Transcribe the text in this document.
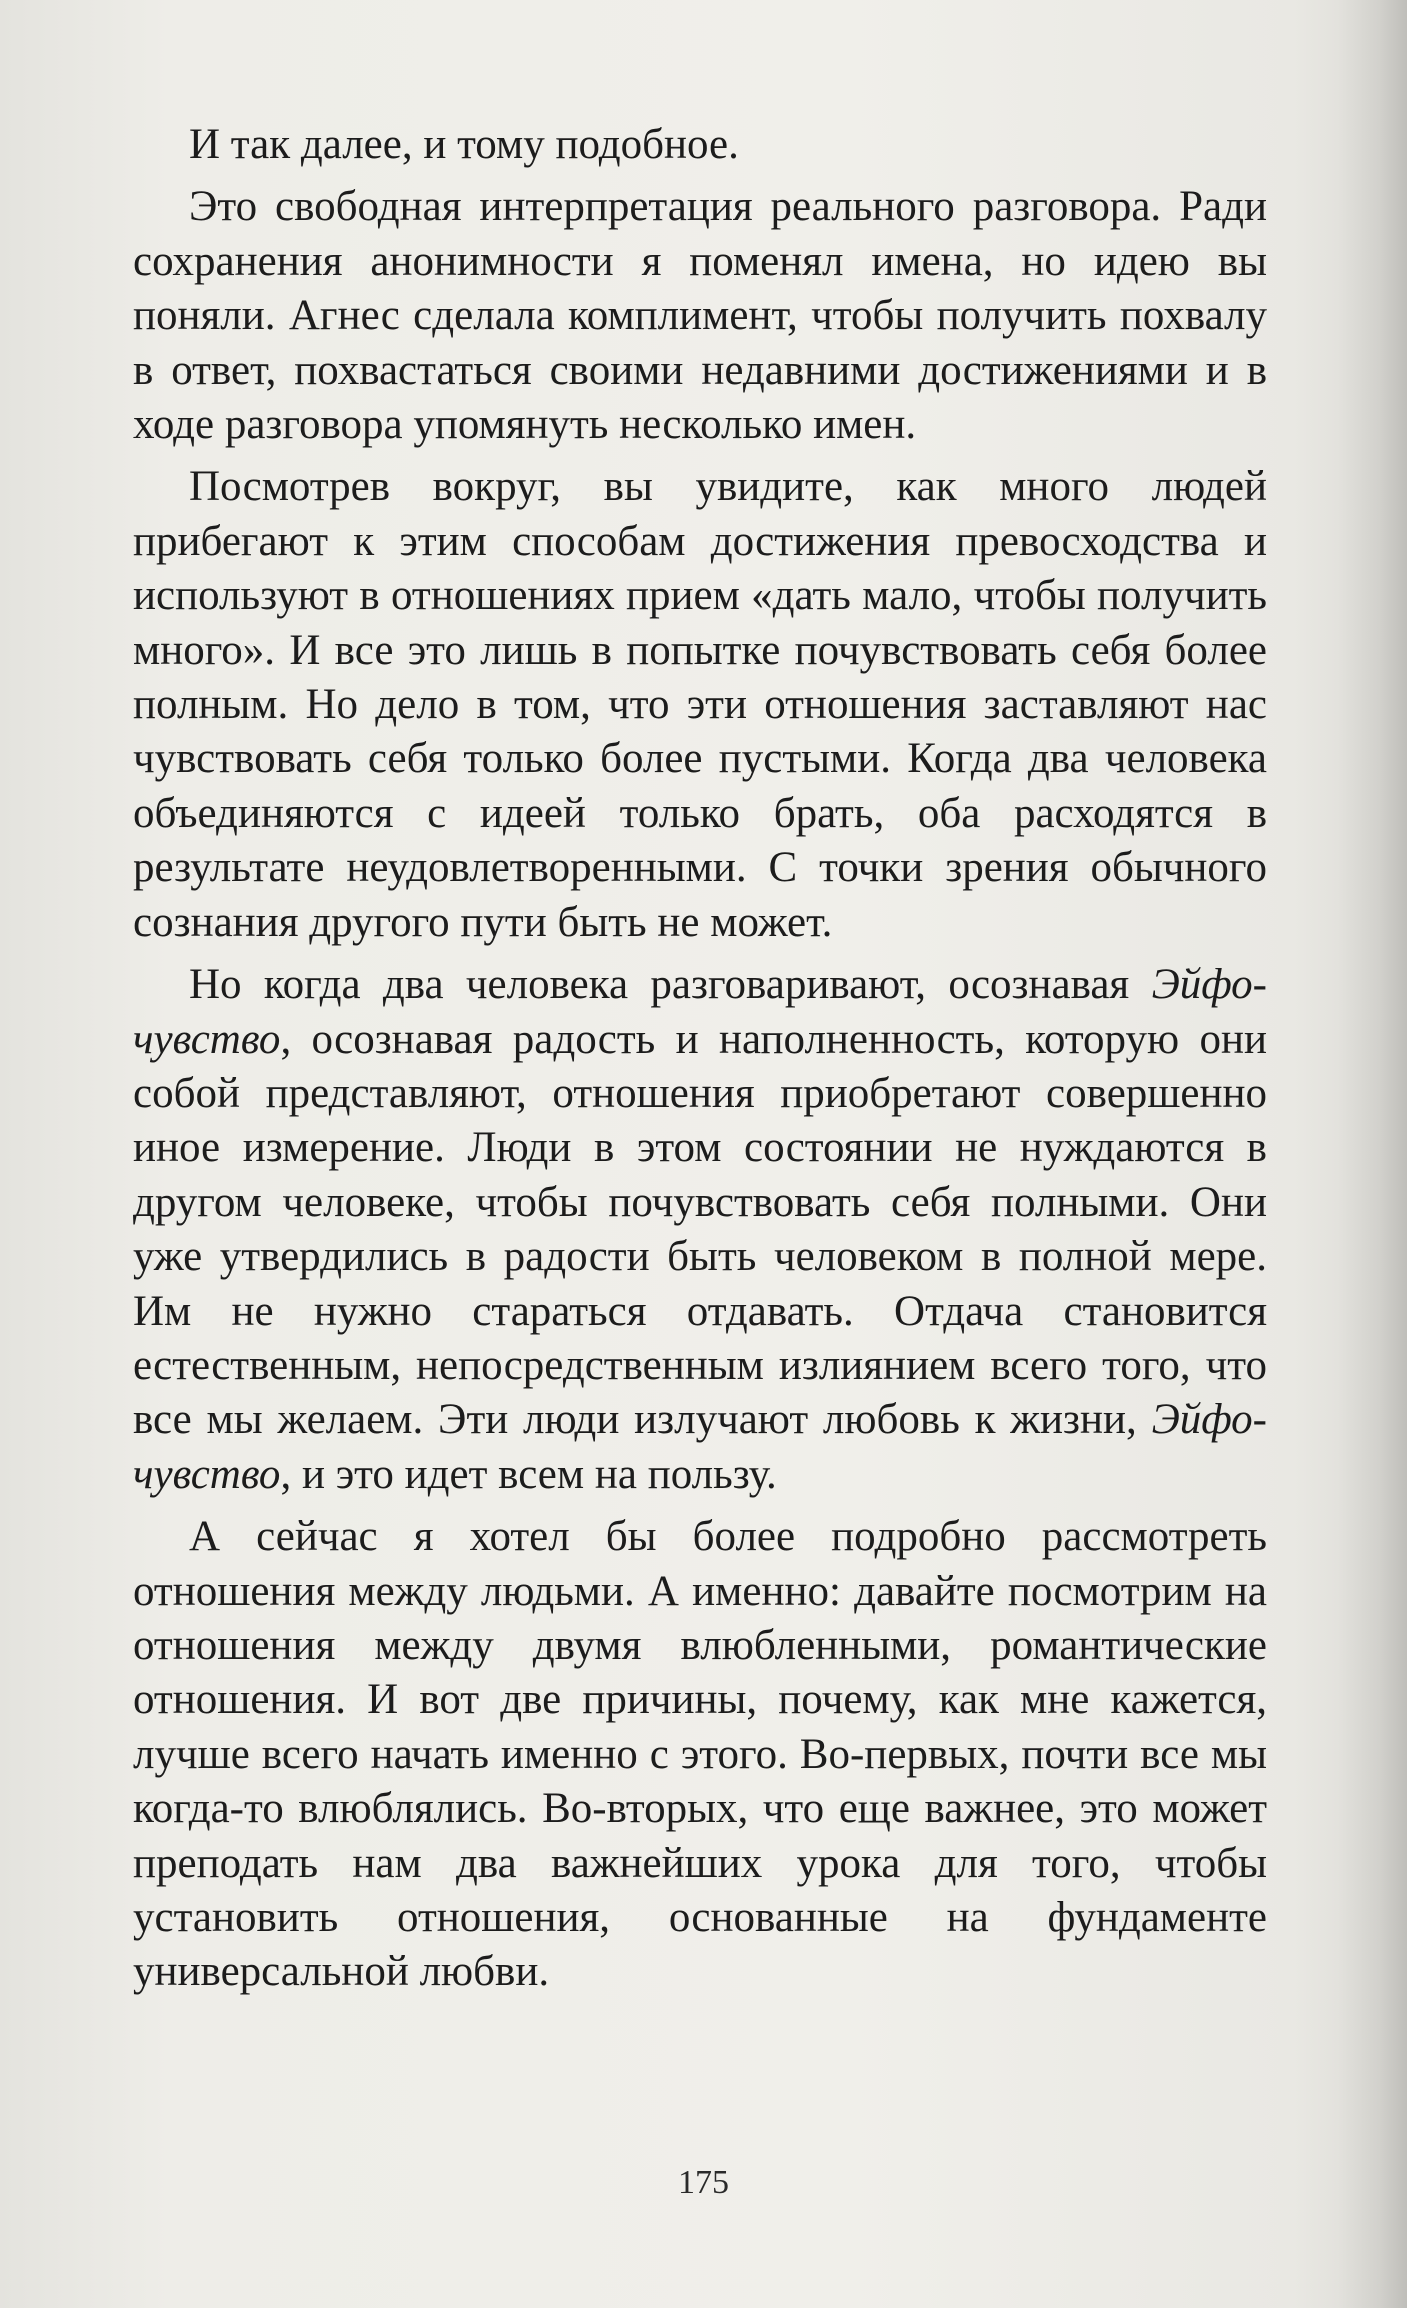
И так далее, и тому подобное.

Это свободная интерпретация реального разговора. Ради сохранения анонимности я поменял имена, но идею вы поняли. Агнес сделала комплимент, чтобы получить похвалу в ответ, похвастаться своими недавними достижениями и в ходе разговора упомянуть несколько имен.

Посмотрев вокруг, вы увидите, как много людей прибегают к этим способам достижения превосходства и используют в отношениях прием «дать мало, чтобы получить много». И все это лишь в попытке почувствовать себя более полным. Но дело в том, что эти отношения заставляют нас чувствовать себя только более пустыми. Когда два человека объединяются с идеей только брать, оба расходятся в результате неудовлетворенными. С точки зрения обычного сознания другого пути быть не может.

Но когда два человека разговаривают, осознавая Эйфо-чувство, осознавая радость и наполненность, которую они собой представляют, отношения приобретают совершенно иное измерение. Люди в этом состоянии не нуждаются в другом человеке, чтобы почувствовать себя полными. Они уже утвердились в радости быть человеком в полной мере. Им не нужно стараться отдавать. Отдача становится естественным, непосредственным излиянием всего того, что все мы желаем. Эти люди излучают любовь к жизни, Эйфо-чувство, и это идет всем на пользу.

А сейчас я хотел бы более подробно рассмотреть отношения между людьми. А именно: давайте посмотрим на отношения между двумя влюбленными, романтические отношения. И вот две причины, почему, как мне кажется, лучше всего начать именно с этого. Во-первых, почти все мы когда-то влюблялись. Во-вторых, что еще важнее, это может преподать нам два важнейших урока для того, чтобы установить отношения, основанные на фундаменте универсальной любви.

175
